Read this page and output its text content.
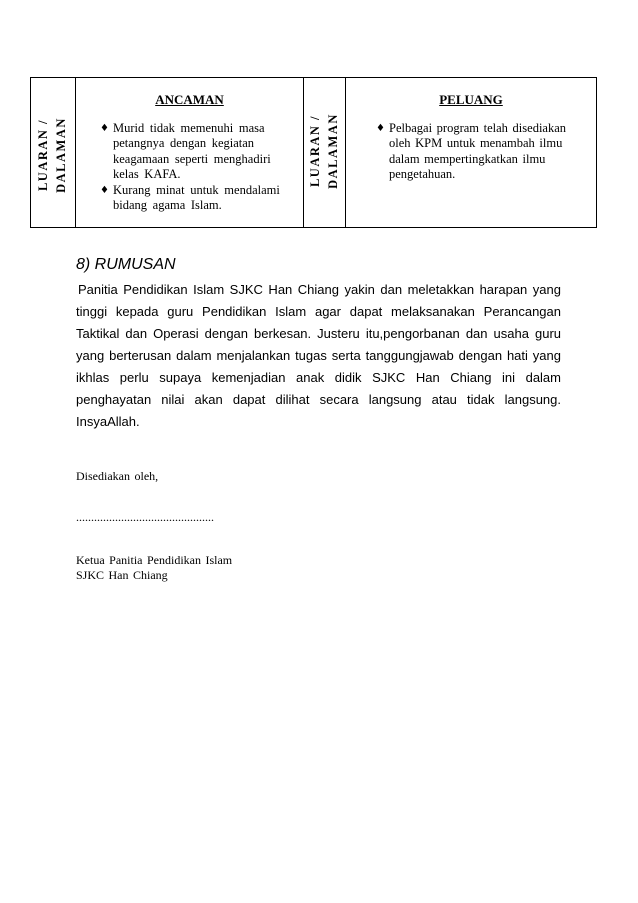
ANCAMAN
♦ Murid tidak memenuhi masa
petangnya dengan kegiatan
keagamaan seperti menghadiri
kelas KAFA.
♦ Kurang minat untuk mendalami
bidang agama Islam.
PELUANG
♦ Pelbagai program telah disediakan
oleh KPM untuk menambah ilmu
dalam mempertingkatkan ilmu
pengetahuan.
LUARAN / DALAMAN	LUARAN / DALAMAN
8) RUMUSAN
Panitia Pendidikan Islam SJKC Han Chiang yakin dan meletakkan harapan yang
tinggi kepada guru Pendidikan Islam agar dapat melaksanakan Perancangan
Taktikal dan Operasi dengan berkesan. Justeru itu,pengorbanan dan usaha guru
yang berterusan dalam menjalankan tugas serta tanggungjawab dengan hati yang
ikhlas perlu supaya kemenjadian anak didik SJKC Han Chiang ini dalam
penghayatan nilai akan dapat dilihat secara langsung atau tidak langsung.
InsyaAllah.
Disediakan oleh,
..............................................
Ketua Panitia Pendidikan Islam
SJKC Han Chiang
